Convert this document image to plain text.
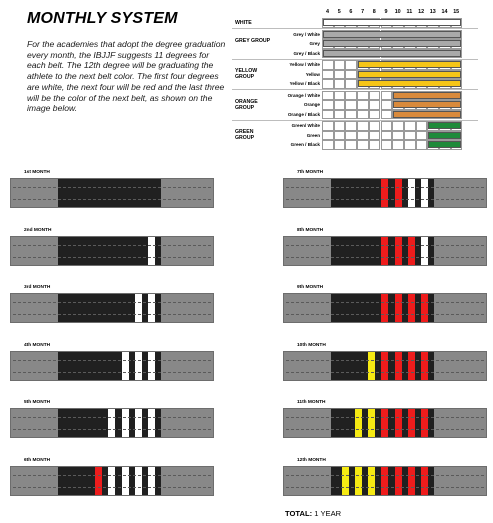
MONTHLY SYSTEM
For the academies that adopt the degree graduation every month, the IBJJF suggests 11 degrees for each belt. The 12th degree will be graduating the athlete to the next belt color. The first four degrees are white, the next four will be red and the last three will be the color of the next belt, as shown on the image below.
4	5	6	7	8	9	10	11	12	13	14	15
WHITE
GREY GROUP
Grey / White
Grey
Grey / Black
YELLOW GROUP
Yellow / White
Yellow
Yellow / Black
ORANGE GROUP
Orange / White
Orange
Orange / Black
GREEN GROUP
Green/ White
Green
Green / Black
1st MONTH
2nd MONTH
3rd MONTH
4th MONTH
5th MONTH
6th MONTH
7th MONTH
8th MONTH
9th MONTH
10th MONTH
11th MONTH
12th MONTH
TOTAL: 1 YEAR
